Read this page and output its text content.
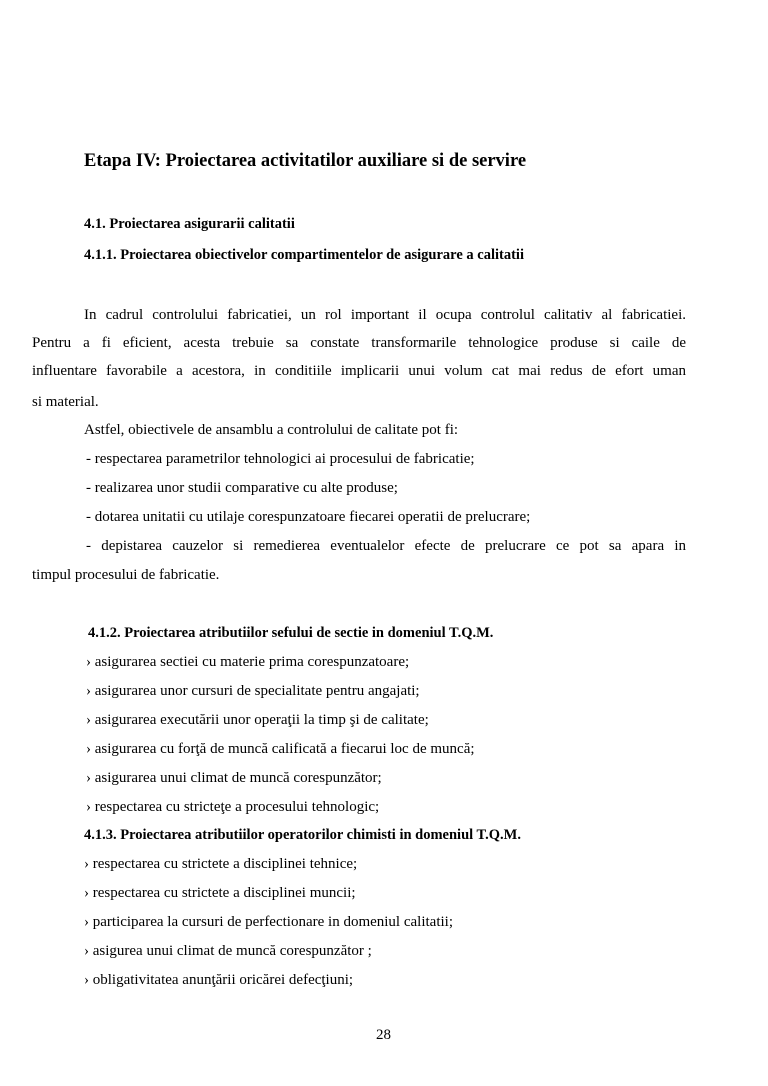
Etapa IV: Proiectarea activitatilor auxiliare si de servire
4.1. Proiectarea asigurarii calitatii
4.1.1. Proiectarea obiectivelor compartimentelor de asigurare a calitatii
In cadrul controlului fabricatiei, un rol important il ocupa controlul calitativ al fabricatiei.
Pentru a fi eficient, acesta trebuie sa constate transformarile tehnologice produse si caile de
influentare favorabile a acestora, in conditiile implicarii unui volum cat mai redus de efort uman
si material.
Astfel, obiectivele de ansamblu a controlului de calitate pot fi:
- respectarea parametrilor tehnologici ai procesului de fabricatie;
- realizarea unor studii comparative cu alte produse;
- dotarea unitatii cu utilaje corespunzatoare fiecarei operatii de prelucrare;
- depistarea cauzelor si remedierea eventualelor efecte de prelucrare ce pot sa apara in
timpul procesului de fabricatie.
4.1.2. Proiectarea atributiilor sefului de sectie in domeniul T.Q.M.
› asigurarea sectiei cu materie prima corespunzatoare;
› asigurarea unor cursuri de specialitate pentru angajati;
› asigurarea executării unor operaţii la timp şi de calitate;
› asigurarea cu forţă de muncă calificată a fiecarui loc de muncă;
› asigurarea unui climat de muncă corespunzător;
› respectarea cu stricteţe a procesului tehnologic;
4.1.3. Proiectarea atributiilor operatorilor chimisti in domeniul T.Q.M.
› respectarea cu strictete a disciplinei tehnice;
› respectarea cu strictete a disciplinei muncii;
› participarea la cursuri de perfectionare in domeniul calitatii;
› asigurea unui climat de muncă corespunzător ;
› obligativitatea anunţării oricărei defecţiuni;
28
